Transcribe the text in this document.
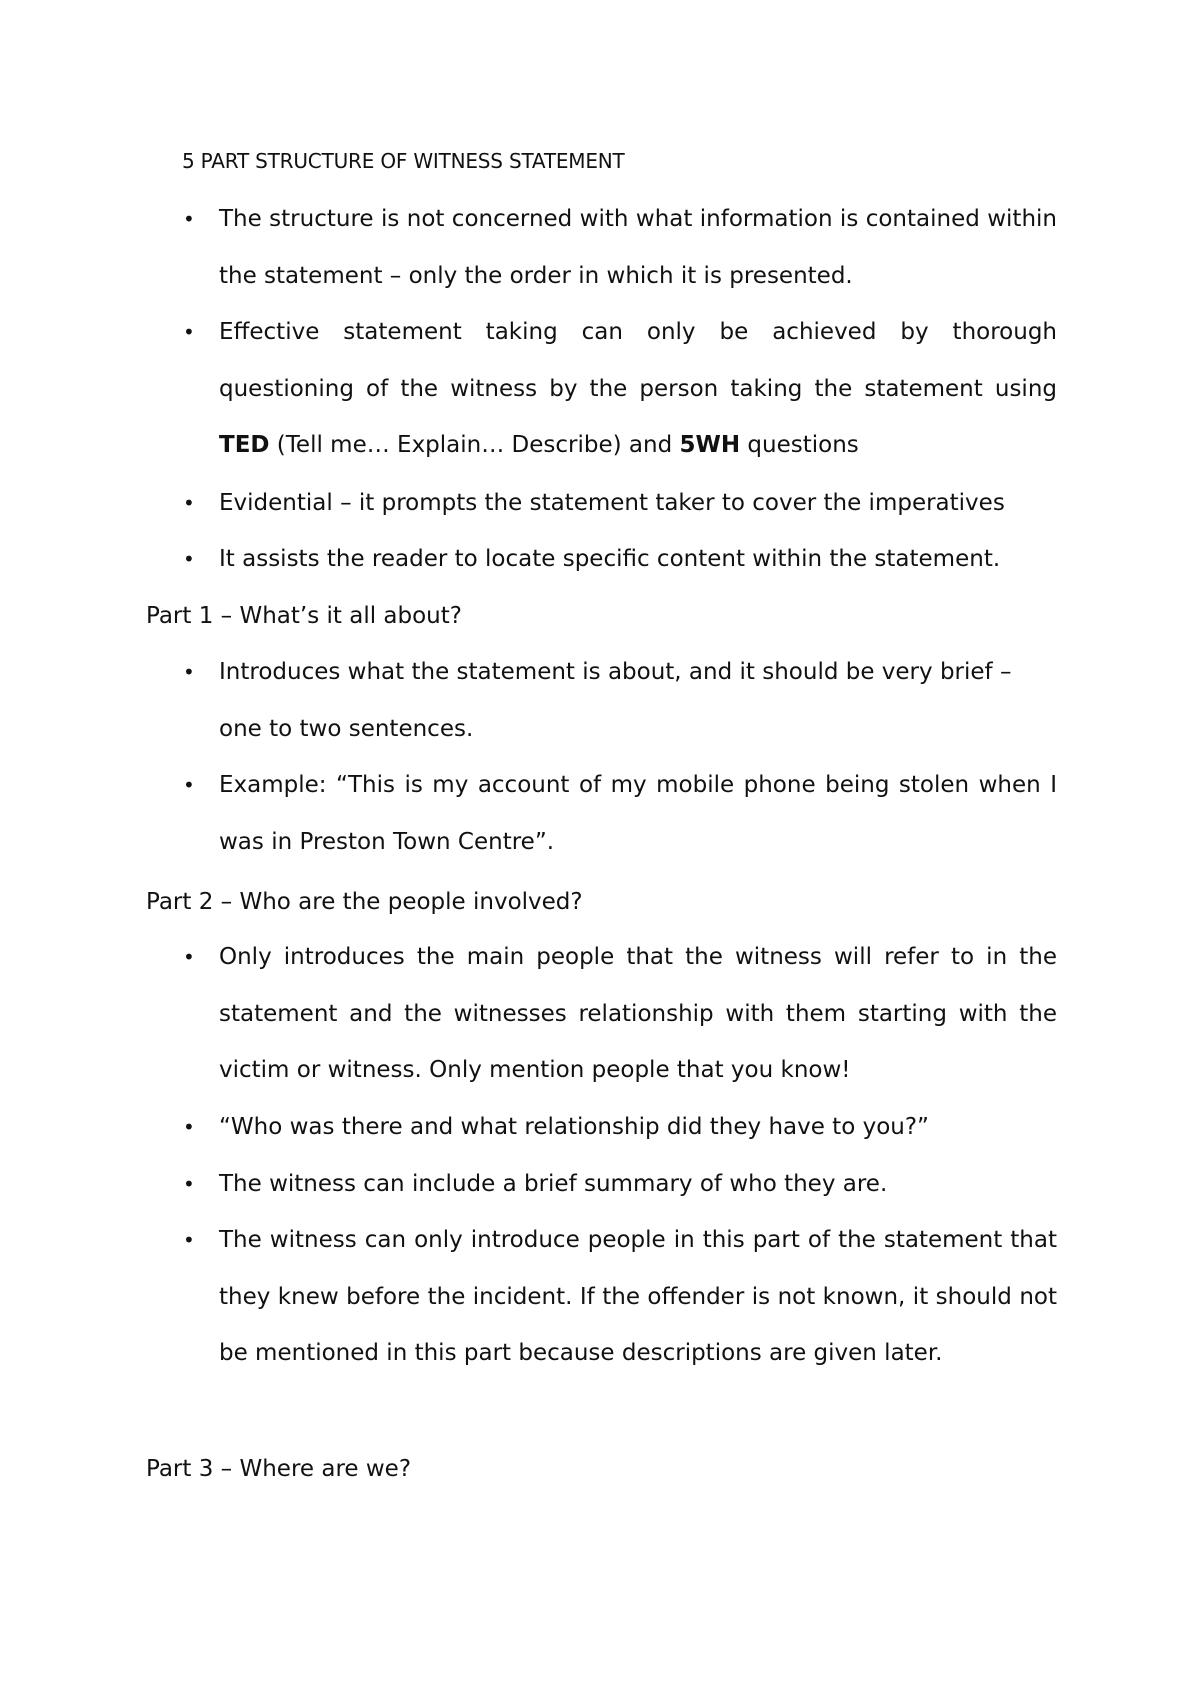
5 PART STRUCTURE OF WITNESS STATEMENT
• The structure is not concerned with what information is contained within the statement – only the order in which it is presented.
• Effective statement taking can only be achieved by thorough questioning of the witness by the person taking the statement using TED (Tell me… Explain… Describe) and 5WH questions
• Evidential – it prompts the statement taker to cover the imperatives
• It assists the reader to locate specific content within the statement.
Part 1 – What’s it all about?
• Introduces what the statement is about, and it should be very brief – one to two sentences.
• Example: “This is my account of my mobile phone being stolen when I was in Preston Town Centre”.
Part 2 – Who are the people involved?
• Only introduces the main people that the witness will refer to in the statement and the witnesses relationship with them starting with the victim or witness. Only mention people that you know!
• “Who was there and what relationship did they have to you?”
• The witness can include a brief summary of who they are.
• The witness can only introduce people in this part of the statement that they knew before the incident. If the offender is not known, it should not be mentioned in this part because descriptions are given later.
Part 3 – Where are we?
